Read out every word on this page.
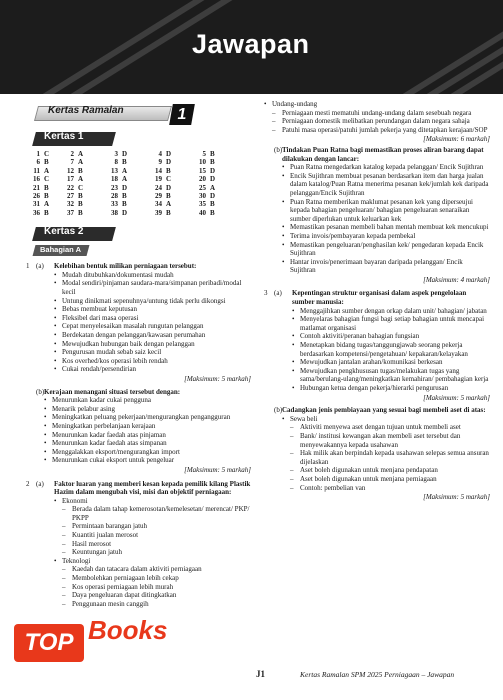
Jawapan
Kertas Ramalan	1
Kertas 1
1 C	2 A	3 D	4 D	5 B
6 B	7 A	8 B	9 D	10 B
11 A	12 B	13 A	14 B	15 D
16 C	17 A	18 A	19 C	20 D
21 B	22 C	23 D	24 D	25 A
26 B	27 B	28 B	29 B	30 D
31 A	32 B	33 B	34 A	35 B
36 B	37 B	38 D	39 B	40 B
Kertas 2
Bahagian A
1 (a)	Kelebihan bentuk milikan perniagaan tersebut:
• Mudah ditubuhkan/dokumentasi mudah
• Modal sendiri/pinjaman saudara-mara/simpanan peribadi/modal kecil
• Untung dinikmati sepenuhnya/untung tidak perlu dikongsi
• Bebas membuat keputusan
• Fleksibel dari masa operasi
• Cepat menyelesaikan masalah rungutan pelanggan
• Berdekatan dengan pelanggan/kawasan perumahan
• Mewujudkan hubungan baik dengan pelanggan
• Pengurusan mudah sebab saiz kecil
• Kos overhed/kos operasi lebih rendah
• Cukai rendah/persendirian
[Maksimum: 5 markah]
(b) Kerajaan menangani situasi tersebut dengan:
• Menurunkan kadar cukai pengguna
• Menarik pelabur asing
• Meningkatkan peluang pekerjaan/mengurangkan pengangguran
• Meningkatkan perbelanjaan kerajaan
• Menurunkan kadar faedah atas pinjaman
• Menurunkan kadar faedah atas simpanan
• Menggalakkan eksport/mengurangkan import
• Menurunkan cukai eksport untuk pengeluar
[Maksimum: 5 markah]
2 (a)	Faktor luaran yang memberi kesan kepada pemilik kilang Plastik Hazim dalam mengubah visi, misi dan objektif perniagaan:
• Ekonomi
– Berada dalam tahap kemerosotan/kemelesetan/ merencat/ PKP/ PKPP
– Permintaan barangan jatuh
– Kuantiti jualan merosot
– Hasil merosot
– Keuntungan jatuh
• Teknologi
– Kaedah dan tatacara dalam aktiviti perniagaan
– Membolehkan perniagaan lebih cekap
– Kos operasi perniagaan lebih murah
– Daya pengeluaran dapat ditingkatkan
– Penggunaan mesin canggih
• Undang-undang
– Perniagaan mesti mematuhi undang-undang dalam sesebuah negara
– Perniagaan domestik melibatkan perundangan dalam negara sahaja
– Patuhi masa operasi/patuhi jumlah pekerja yang ditetapkan kerajaan/SOP
[Maksimum: 6 markah]
(b) Tindakan Puan Ratna bagi memastikan proses aliran barang dapat dilakukan dengan lancar:
• Puan Ratna mengedarkan katalog kepada pelanggan/ Encik Sujithran
• Encik Sujithran membuat pesanan berdasarkan item dan harga jualan dalam katalog/Puan Ratna menerima pesanan kek/jumlah kek daripada pelanggan/Encik Sujithran
• Puan Ratna memberikan maklumat pesanan kek yang diperseujui kepada bahagian pengeluaran/ bahagian pengeluaran senaraikan sumber diperlukan untuk keluarkan kek
• Memastikan pesanan membeli bahan mentah membuat kek mencukupi
• Terima invois/pembayaran kepada pembekal
• Memastikan pengeluaran/penghasilan kek/ pengedaran kepada Encik Sujithran
• Hantar invois/penerimaan bayaran daripada pelanggan/ Encik Sujithran
[Maksimum: 4 markah]
3 (a)	Kepentingan struktur organisasi dalam aspek pengelolaan sumber manusia:
• Menggajihkan sumber dengan orkap dalam unit/ bahagian/ jabatan
• Menyelaras bahagian fungsi bagi setiap bahagian untuk mencapai matlamat organisasi
• Contoh aktiviti/peranan bahagian fungsian
• Menetapkan bidang tugas/tanggungjawab seorang pekerja berdasarkan kompetensi/pengetahuan/ kepakaran/kelayakan
• Mewujudkan jantalan arahan/komunikasi berkesan
• Mewujudkan pengkhususan tugas/melakukan tugas yang sama/berulang-ulang/meningkatkan kemahiran/ pembahagian kerja
• Hubungan ketua dengan pekerja/hierarki pengurusan
[Maksimum: 5 markah]
(b) Cadangkan jenis pembiayaan yang sesuai bagi membeli aset di atas:
• Sewa beli
– Aktiviti menyewa aset dengan tujuan untuk membeli aset
– Bank/ institusi kewangan akan membeli aset tersebut dan menyewakannya kepada usahawan
– Hak milik akan berpindah kepada usahawan selepas semua ansuran dijelaskan
– Aset boleh digunakan untuk menjana pendapatan
– Aset boleh digunakan untuk menjana perniagaan
– Contoh: pembelian van
[Maksimum: 5 markah]
TOP Books
J1	Kertas Ramalan SPM 2025 Perniagaan – Jawapan
